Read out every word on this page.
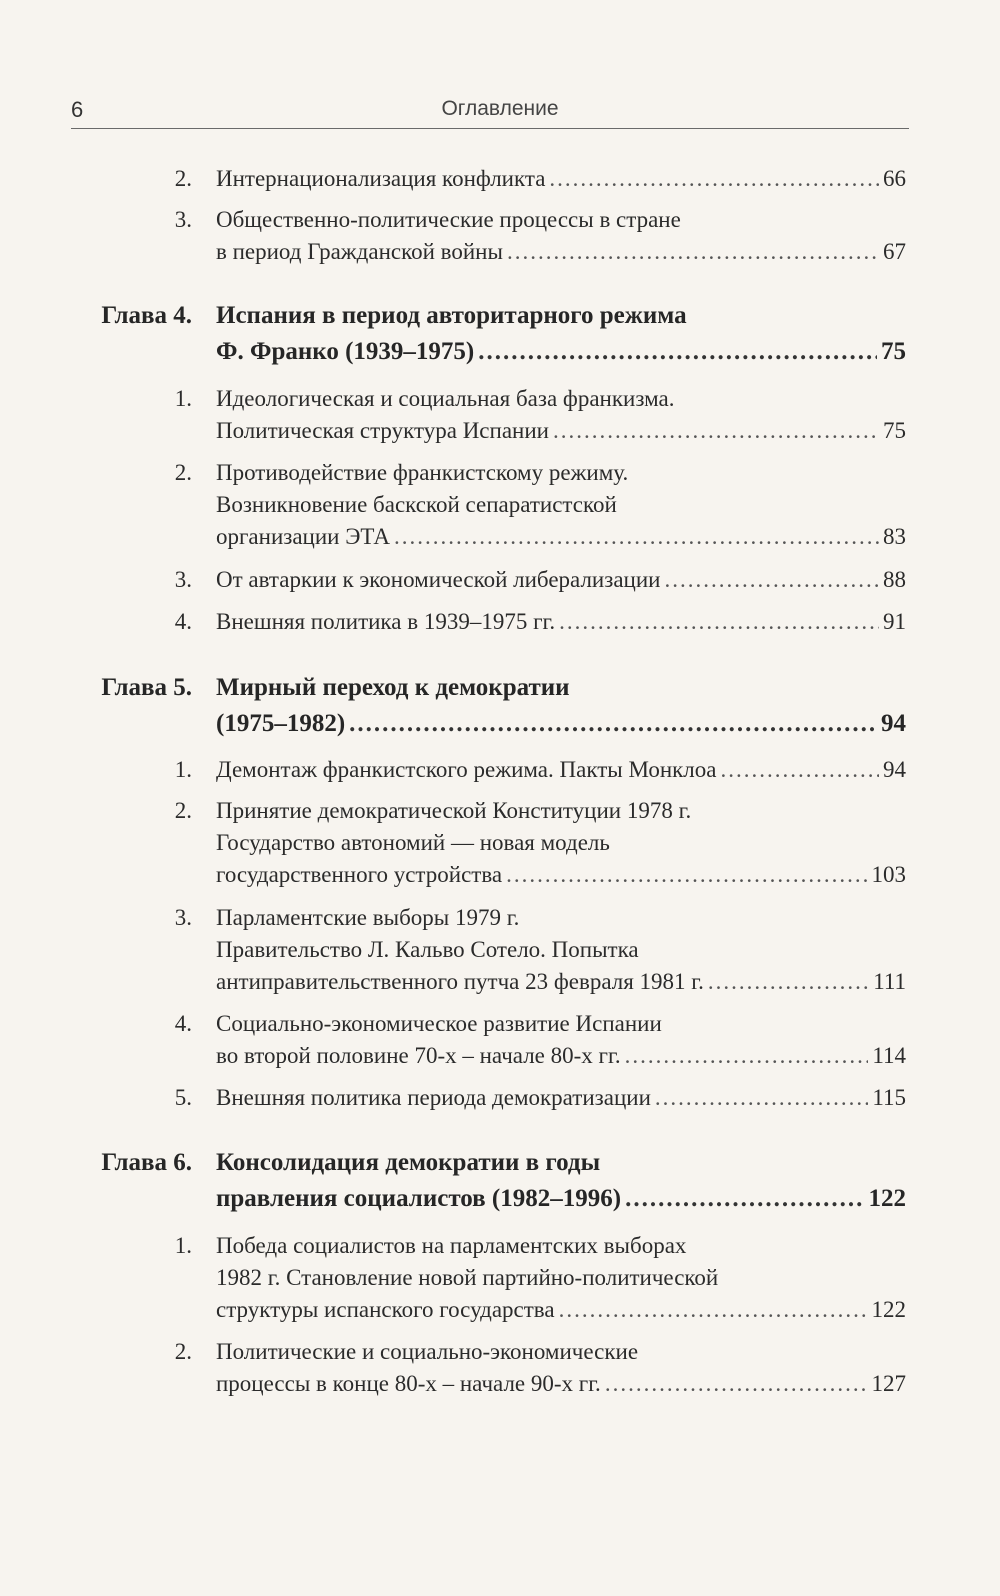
6	Оглавление
2. Интернационализация конфликта .....	66
3. Общественно-политические процессы в стране
в период Гражданской войны .....	67
Глава 4. Испания в период авторитарного режима
Ф. Франко (1939–1975) .....	75
1. Идеологическая и социальная база франкизма.
Политическая структура Испании .....	75
2. Противодействие франкистскому режиму.
Возникновение баскской сепаратистской
организации ЭТА .....	83
3. От автаркии к экономической либерализации .....	88
4. Внешняя политика в 1939–1975 гг. .....	91
Глава 5. Мирный переход к демократии
(1975–1982) .....	94
1. Демонтаж франкистского режима. Пакты Монклоа .....	94
2. Принятие демократической Конституции 1978 г.
Государство автономий — новая модель
государственного устройства .....	103
3. Парламентские выборы 1979 г.
Правительство Л. Кальво Сотело. Попытка
антиправительственного путча 23 февраля 1981 г. .....	111
4. Социально-экономическое развитие Испании
во второй половине 70-х – начале 80-х гг. .....	114
5. Внешняя политика периода демократизации .....	115
Глава 6. Консолидация демократии в годы
правления социалистов (1982–1996) .....	122
1. Победа социалистов на парламентских выборах
1982 г. Становление новой партийно-политической
структуры испанского государства .....	122
2. Политические и социально-экономические
процессы в конце 80-х – начале 90-х гг. .....	127
